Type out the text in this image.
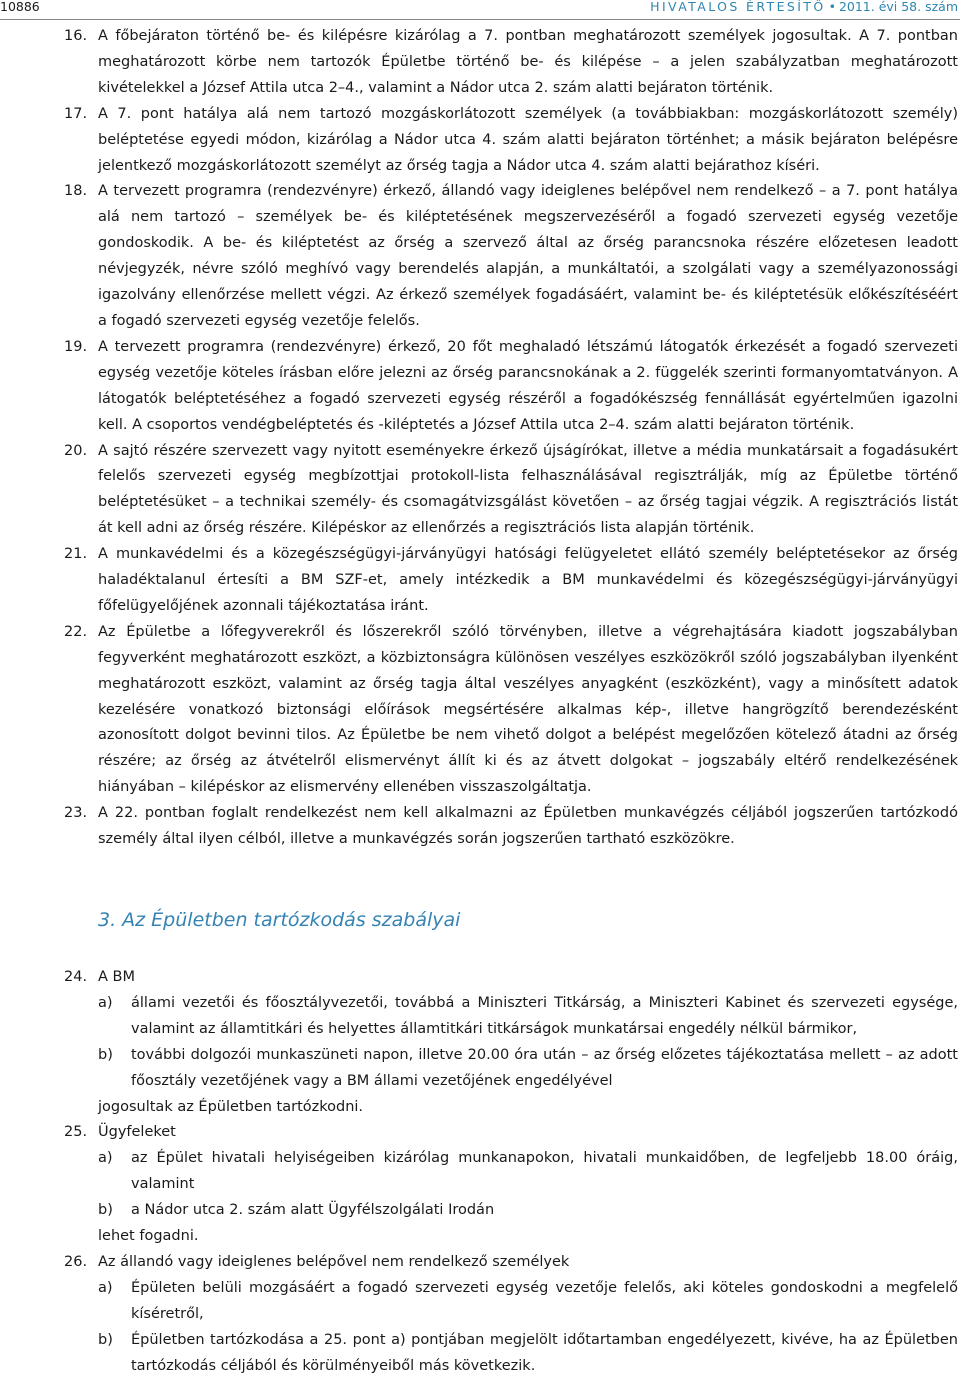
10886	HIVATALOS ÉRTESÍTŐ • 2011. évi 58. szám
16. A főbejáraton történő be- és kilépésre kizárólag a 7. pontban meghatározott személyek jogosultak. A 7. pontban meghatározott körbe nem tartozók Épületbe történő be- és kilépése – a jelen szabályzatban meghatározott kivételekkel a József Attila utca 2–4., valamint a Nádor utca 2. szám alatti bejáraton történik.
17. A 7. pont hatálya alá nem tartozó mozgáskorlátozott személyek (a továbbiakban: mozgáskorlátozott személy) beléptetése egyedi módon, kizárólag a Nádor utca 4. szám alatti bejáraton történhet; a másik bejáraton belépésre jelentkező mozgáskorlátozott személyt az őrség tagja a Nádor utca 4. szám alatti bejárathoz kíséri.
18. A tervezett programra (rendezvényre) érkező, állandó vagy ideiglenes belépővel nem rendelkező – a 7. pont hatálya alá nem tartozó – személyek be- és kiléptetésének megszervezéséről a fogadó szervezeti egység vezetője gondoskodik. A be- és kiléptetést az őrség a szervező által az őrség parancsnoka részére előzetesen leadott névjegyzék, névre szóló meghívó vagy berendelés alapján, a munkáltatói, a szolgálati vagy a személyazonossági igazolvány ellenőrzése mellett végzi. Az érkező személyek fogadásáért, valamint be- és kiléptetésük előkészítéséért a fogadó szervezeti egység vezetője felelős.
19. A tervezett programra (rendezvényre) érkező, 20 főt meghaladó létszámú látogatók érkezését a fogadó szervezeti egység vezetője köteles írásban előre jelezni az őrség parancsnokának a 2. függelék szerinti formanyomtatványon. A látogatók beléptetéséhez a fogadó szervezeti egység részéről a fogadókészség fennállását egyértelműen igazolni kell. A csoportos vendégbeléptetés és -kiléptetés a József Attila utca 2–4. szám alatti bejáraton történik.
20. A sajtó részére szervezett vagy nyitott eseményekre érkező újságírókat, illetve a média munkatársait a fogadásukért felelős szervezeti egység megbízottjai protokoll-lista felhasználásával regisztrálják, míg az Épületbe történő beléptetésüket – a technikai személy- és csomagátvizsgálást követően – az őrség tagjai végzik. A regisztrációs listát át kell adni az őrség részére. Kilépéskor az ellenőrzés a regisztrációs lista alapján történik.
21. A munkavédelmi és a közegészségügyi-járványügyi hatósági felügyeletet ellátó személy beléptetésekor az őrség haladéktalanul értesíti a BM SZF-et, amely intézkedik a BM munkavédelmi és közegészségügyi-járványügyi főfelügyelőjének azonnali tájékoztatása iránt.
22. Az Épületbe a lőfegyverekről és lőszerekről szóló törvényben, illetve a végrehajtására kiadott jogszabályban fegyverként meghatározott eszközt, a közbiztonságra különösen veszélyes eszközökről szóló jogszabályban ilyenként meghatározott eszközt, valamint az őrség tagja által veszélyes anyagként (eszközként), vagy a minősített adatok kezelésére vonatkozó biztonsági előírások megsértésére alkalmas kép-, illetve hangrögzítő berendezésként azonosított dolgot bevinni tilos. Az Épületbe be nem vihető dolgot a belépést megelőzően kötelező átadni az őrség részére; az őrség az átvételről elismervényt állít ki és az átvett dolgokat – jogszabály eltérő rendelkezésének hiányában – kilépéskor az elismervény ellenében visszaszolgáltatja.
23. A 22. pontban foglalt rendelkezést nem kell alkalmazni az Épületben munkavégzés céljából jogszerűen tartózkodó személy által ilyen célból, illetve a munkavégzés során jogszerűen tartható eszközökre.
3. Az Épületben tartózkodás szabályai
24. A BM
a)	állami vezetői és főosztályvezetői, továbbá a Miniszteri Titkárság, a Miniszteri Kabinet és szervezeti egysége, valamint az államtitkári és helyettes államtitkári titkárságok munkatársai engedély nélkül bármikor,
b)	további dolgozói munkaszüneti napon, illetve 20.00 óra után – az őrség előzetes tájékoztatása mellett – az adott főosztály vezetőjének vagy a BM állami vezetőjének engedélyével
jogosultak az Épületben tartózkodni.
25. Ügyfeleket
a)	az Épület hivatali helyiségeiben kizárólag munkanapokon, hivatali munkaidőben, de legfeljebb 18.00 óráig, valamint
b)	a Nádor utca 2. szám alatt Ügyfélszolgálati Irodán
lehet fogadni.
26. Az állandó vagy ideiglenes belépővel nem rendelkező személyek
a)	Épületen belüli mozgásáért a fogadó szervezeti egység vezetője felelős, aki köteles gondoskodni a megfelelő kíséretről,
b)	Épületben tartózkodása a 25. pont a) pontjában megjelölt időtartamban engedélyezett, kivéve, ha az Épületben tartózkodás céljából és körülményeiből más következik.
